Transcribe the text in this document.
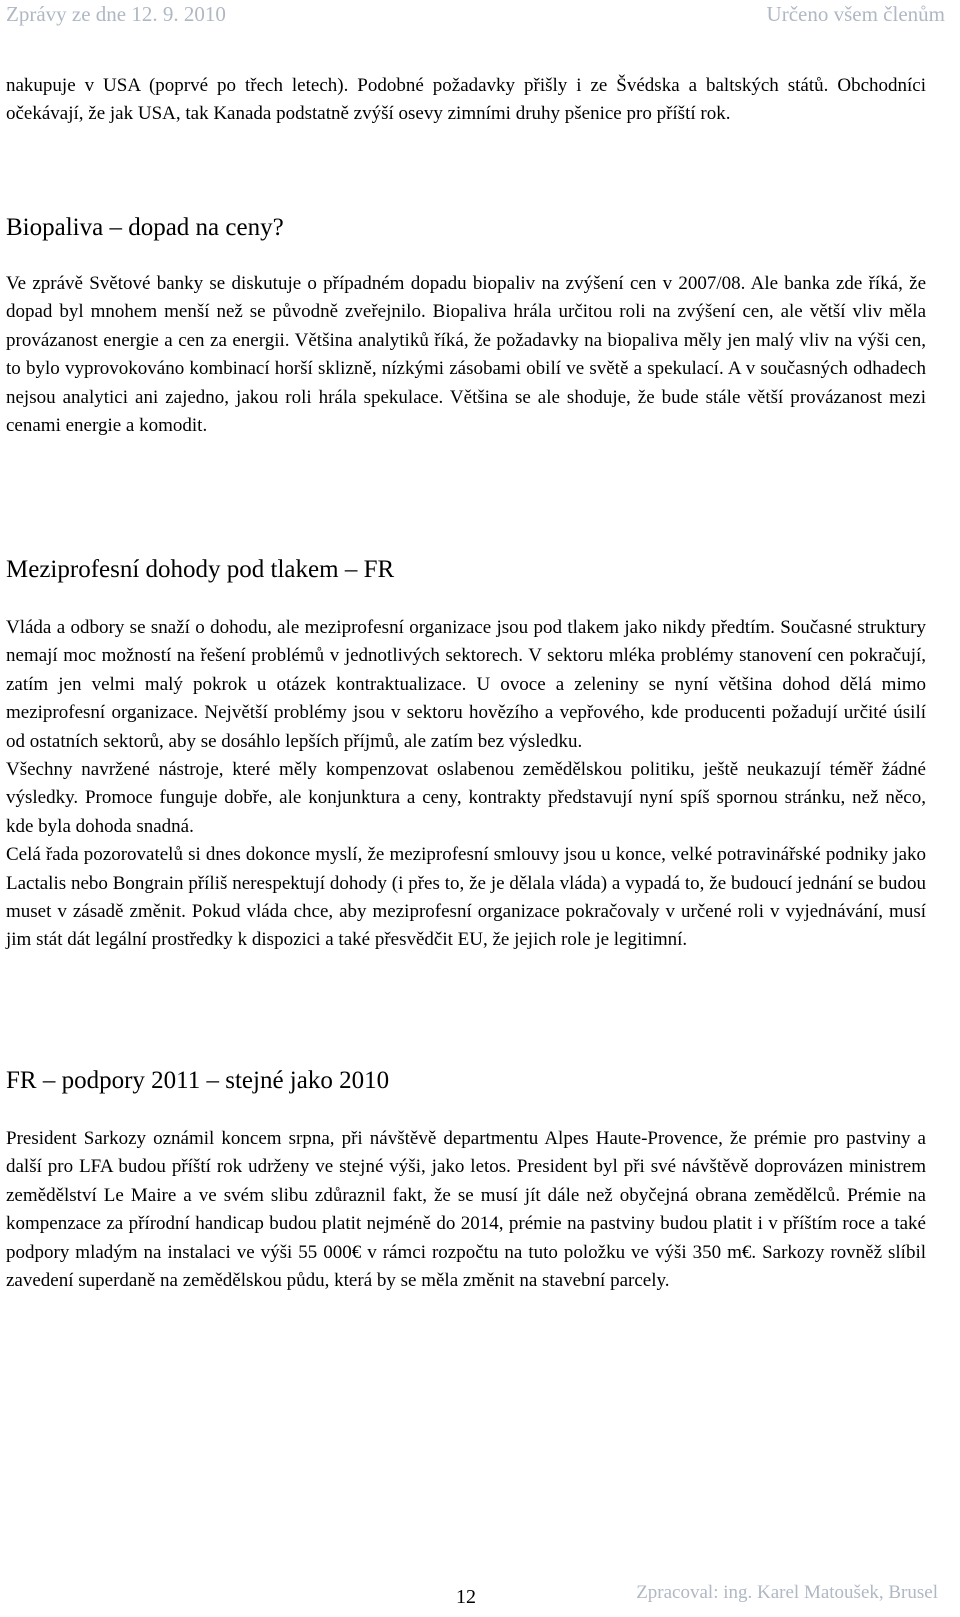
Zprávy ze dne 12. 9. 2010	Určeno všem členům

nakupuje v USA (poprvé po třech letech). Podobné požadavky přišly i ze Švédska a baltských států. Obchodníci očekávají, že jak USA, tak Kanada podstatně zvýší osevy zimními druhy pšenice pro příští rok.

Biopaliva – dopad na ceny?

Ve zprávě Světové banky se diskutuje o případném dopadu biopaliv na zvýšení cen v 2007/08. Ale banka zde říká, že dopad byl mnohem menší než se původně zveřejnilo. Biopaliva hrála určitou roli na zvýšení cen, ale větší vliv měla provázanost energie a cen za energii. Většina analytiků říká, že požadavky na biopaliva měly jen malý vliv na výši cen, to bylo vyprovokováno kombinací horší sklizně, nízkými zásobami obilí ve světě a spekulací. A v současných odhadech nejsou analytici ani zajedno, jakou roli hrála spekulace. Většina se ale shoduje, že bude stále větší provázanost mezi cenami energie a komodit.

Meziprofesní dohody pod tlakem – FR

Vláda a odbory se snaží o dohodu, ale meziprofesní organizace jsou pod tlakem jako nikdy předtím. Současné struktury nemají moc možností na řešení problémů v jednotlivých sektorech. V sektoru mléka problémy stanovení cen pokračují, zatím jen velmi malý pokrok u otázek kontraktualizace. U ovoce a zeleniny se nyní většina dohod dělá mimo meziprofesní organizace. Největší problémy jsou v sektoru hovězího a vepřového, kde producenti požadují určité úsilí od ostatních sektorů, aby se dosáhlo lepších příjmů, ale zatím bez výsledku.

Všechny navržené nástroje, které měly kompenzovat oslabenou zemědělskou politiku, ještě neukazují téměř žádné výsledky. Promoce funguje dobře, ale konjunktura a ceny, kontrakty představují nyní spíš spornou stránku, než něco, kde byla dohoda snadná.

Celá řada pozorovatelů si dnes dokonce myslí, že meziprofesní smlouvy jsou u konce, velké potravinářské podniky jako Lactalis nebo Bongrain příliš nerespektují dohody (i přes to, že je dělala vláda) a vypadá to, že budoucí jednání se budou muset v zásadě změnit. Pokud vláda chce, aby meziprofesní organizace pokračovaly v určené roli v vyjednávání, musí jim stát dát legální prostředky k dispozici a také přesvědčit EU, že jejich role je legitimní.

FR – podpory 2011 – stejné jako 2010

President Sarkozy oznámil koncem srpna, při návštěvě departmentu Alpes Haute-Provence, že prémie pro pastviny a další pro LFA budou příští rok udrženy ve stejné výši, jako letos. President byl při své návštěvě doprovázen ministrem zemědělství Le Maire a ve svém slibu zdůraznil fakt, že se musí jít dále než obyčejná obrana zemědělců. Prémie na kompenzace za přírodní handicap budou platit nejméně do 2014, prémie na pastviny budou platit i v příštím roce a také podpory mladým na instalaci ve výši 55 000€ v rámci rozpočtu na tuto položku ve výši 350 m€. Sarkozy rovněž slíbil zavedení superdaně na zemědělskou půdu, která by se měla změnit na stavební parcely.

12	Zpracoval: ing. Karel Matoušek, Brusel
